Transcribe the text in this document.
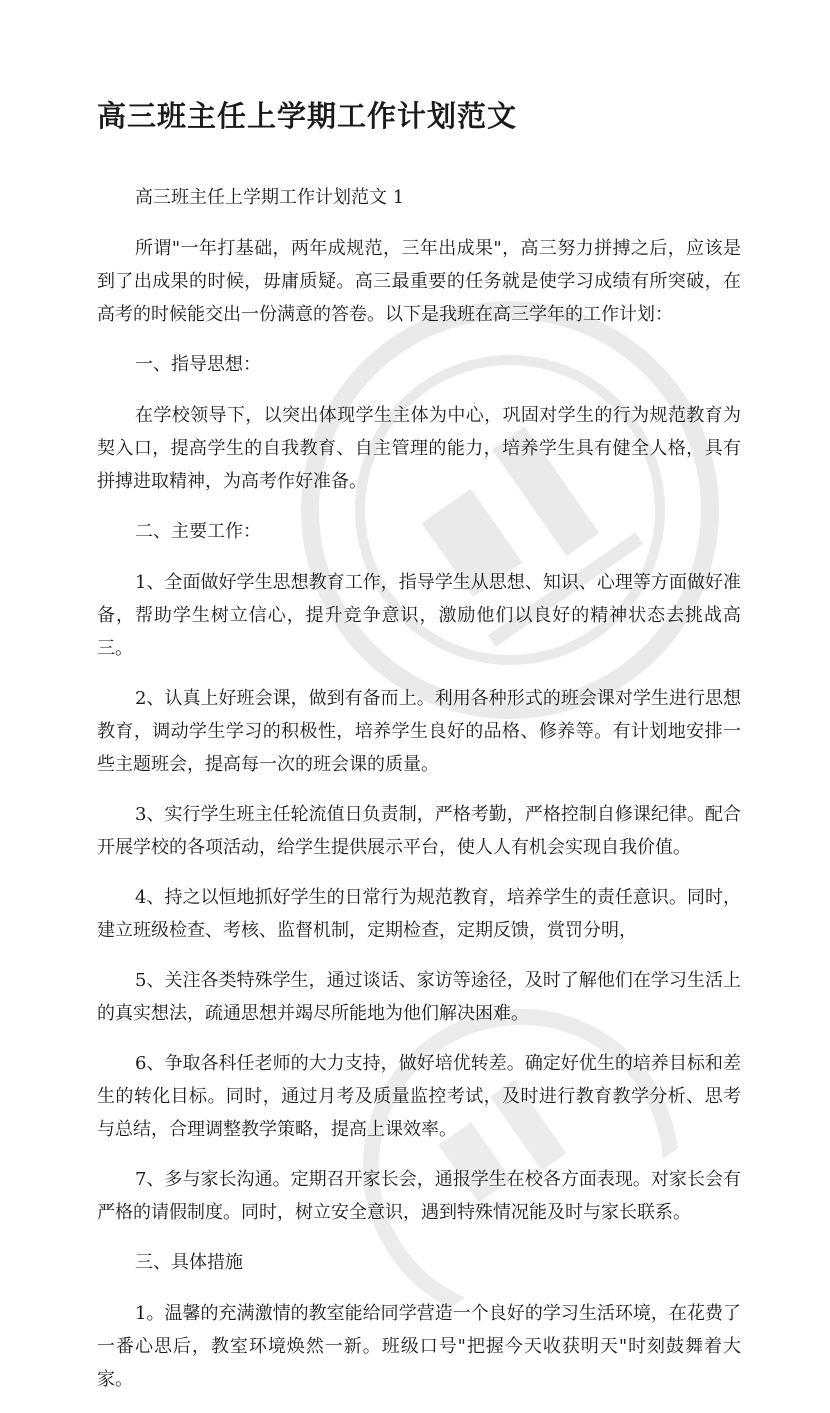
高三班主任上学期工作计划范文

高三班主任上学期工作计划范文 1

所谓"一年打基础，两年成规范，三年出成果"，高三努力拼搏之后，应该是到了出成果的时候，毋庸质疑。高三最重要的任务就是使学习成绩有所突破，在高考的时候能交出一份满意的答卷。以下是我班在高三学年的工作计划：

一、指导思想：

在学校领导下，以突出体现学生主体为中心，巩固对学生的行为规范教育为契入口，提高学生的自我教育、自主管理的能力，培养学生具有健全人格，具有拼搏进取精神，为高考作好准备。

二、主要工作：

1、全面做好学生思想教育工作，指导学生从思想、知识、心理等方面做好准备，帮助学生树立信心，提升竞争意识，激励他们以良好的精神状态去挑战高三。

2、认真上好班会课，做到有备而上。利用各种形式的班会课对学生进行思想教育，调动学生学习的积极性，培养学生良好的品格、修养等。有计划地安排一些主题班会，提高每一次的班会课的质量。

3、实行学生班主任轮流值日负责制，严格考勤，严格控制自修课纪律。配合开展学校的各项活动，给学生提供展示平台，使人人有机会实现自我价值。

4、持之以恒地抓好学生的日常行为规范教育，培养学生的责任意识。同时，建立班级检查、考核、监督机制，定期检查，定期反馈，赏罚分明，

5、关注各类特殊学生，通过谈话、家访等途径，及时了解他们在学习生活上的真实想法，疏通思想并竭尽所能地为他们解决困难。

6、争取各科任老师的大力支持，做好培优转差。确定好优生的培养目标和差生的转化目标。同时，通过月考及质量监控考试，及时进行教育教学分析、思考与总结，合理调整教学策略，提高上课效率。

7、多与家长沟通。定期召开家长会，通报学生在校各方面表现。对家长会有严格的请假制度。同时，树立安全意识，遇到特殊情况能及时与家长联系。

三、具体措施

1。温馨的充满激情的教室能给同学营造一个良好的学习生活环境，在花费了一番心思后，教室环境焕然一新。班级口号"把握今天收获明天"时刻鼓舞着大家。
